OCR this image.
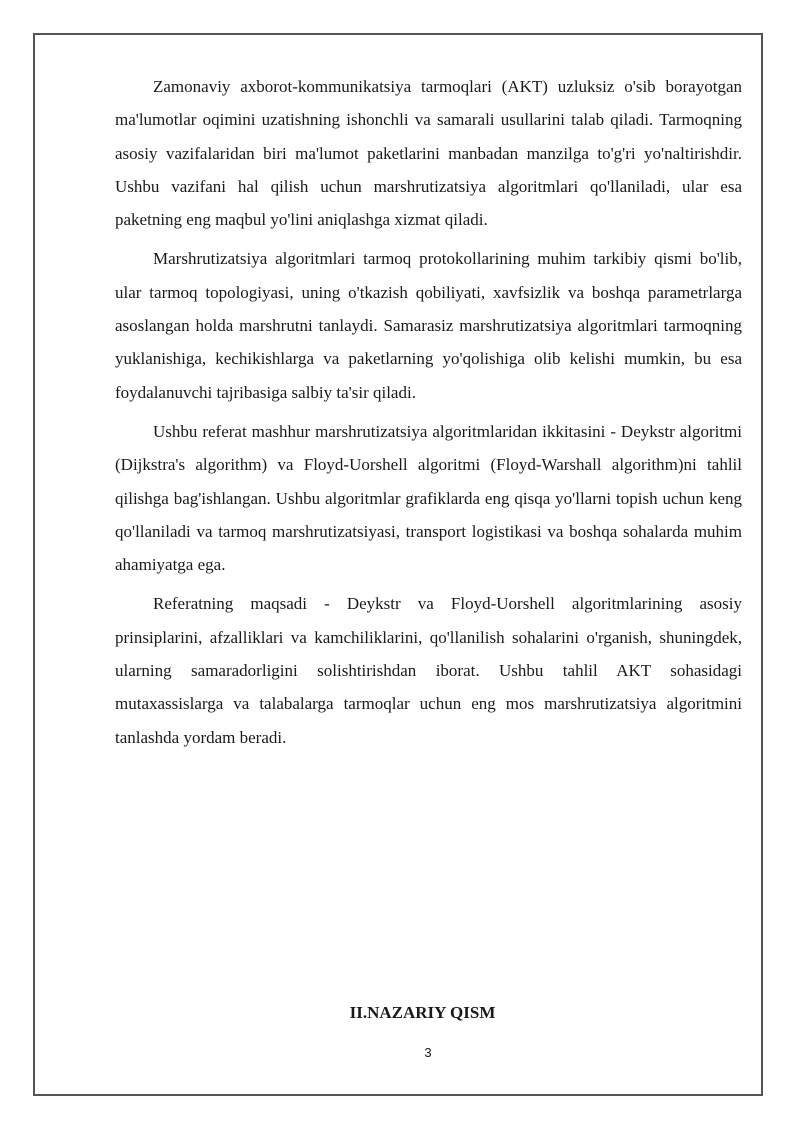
Zamonaviy axborot-kommunikatsiya tarmoqlari (AKT) uzluksiz o'sib borayotgan ma'lumotlar oqimini uzatishning ishonchli va samarali usullarini talab qiladi. Tarmoqning asosiy vazifalaridan biri ma'lumot paketlarini manbadan manzilga to'g'ri yo'naltirishdir. Ushbu vazifani hal qilish uchun marshrutizatsiya algoritmlari qo'llaniladi, ular esa paketning eng maqbul yo'lini aniqlashga xizmat qiladi.

Marshrutizatsiya algoritmlari tarmoq protokollarining muhim tarkibiy qismi bo'lib, ular tarmoq topologiyasi, uning o'tkazish qobiliyati, xavfsizlik va boshqa parametrlarga asoslangan holda marshrutni tanlaydi. Samarasiz marshrutizatsiya algoritmlari tarmoqning yuklanishiga, kechikishlarga va paketlarning yo'qolishiga olib kelishi mumkin, bu esa foydalanuvchi tajribasiga salbiy ta'sir qiladi.

Ushbu referat mashhur marshrutizatsiya algoritmlaridan ikkitasini - Deykstr algoritmi (Dijkstra's algorithm) va Floyd-Uorshell algoritmi (Floyd-Warshall algorithm)ni tahlil qilishga bag'ishlangan. Ushbu algoritmlar grafiklarda eng qisqa yo'llarni topish uchun keng qo'llaniladi va tarmoq marshrutizatsiyasi, transport logistikasi va boshqa sohalarda muhim ahamiyatga ega.

Referatning maqsadi - Deykstr va Floyd-Uorshell algoritmlarining asosiy prinsiplarini, afzalliklari va kamchiliklarini, qo'llanilish sohalarini o'rganish, shuningdek, ularning samaradorligini solishtirishdan iborat. Ushbu tahlil AKT sohasidagi mutaxassislarga va talabalarga tarmoqlar uchun eng mos marshrutizatsiya algoritmini tanlashda yordam beradi.

II.NAZARIY QISM

3
